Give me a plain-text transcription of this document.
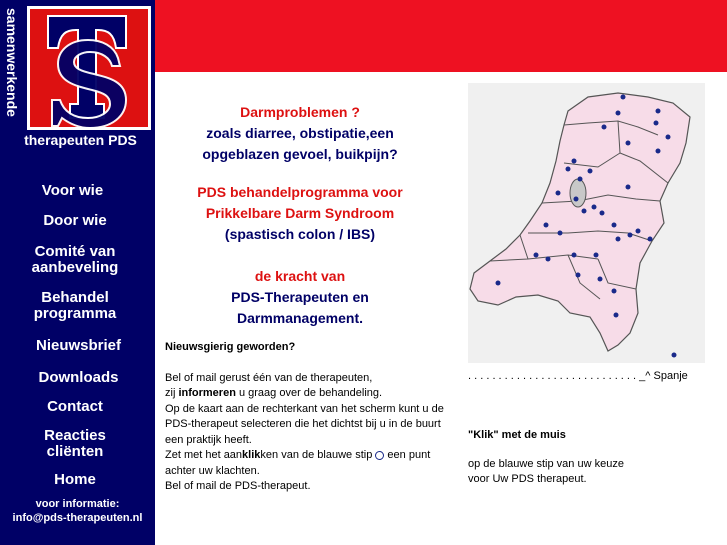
samenwerkende
therapeuten PDS
Voor wie
Door wie
Comité van aanbeveling
Behandel programma
Nieuwsbrief
Downloads
Contact
Reacties cliënten
Home
voor informatie:
info@pds-therapeuten.nl
Darmproblemen ?
zoals diarree, obstipatie,een
opgeblazen gevoel, buikpijn?
PDS behandelprogramma voor
Prikkelbare Darm Syndroom
(spastisch colon / IBS)
de kracht van
PDS-Therapeuten en
Darmmanagement.
Nieuwsgierig geworden?
Bel of mail gerust één van de therapeuten,
zij informeren u graag over de behandeling.
Op de kaart aan de rechterkant van het scherm kunt u de PDS-therapeut selecteren die het dichtst bij u in de buurt een praktijk heeft.
Zet met het aanklikken van de blauwe stip  een punt achter uw klachten.
Bel of mail de PDS-therapeut.
. . . . . . . . . . . . . . . . . . . . . . . . . . . . _^ Spanje
"Klik" met de muis
op de blauwe stip van uw keuze
voor Uw PDS therapeut.
